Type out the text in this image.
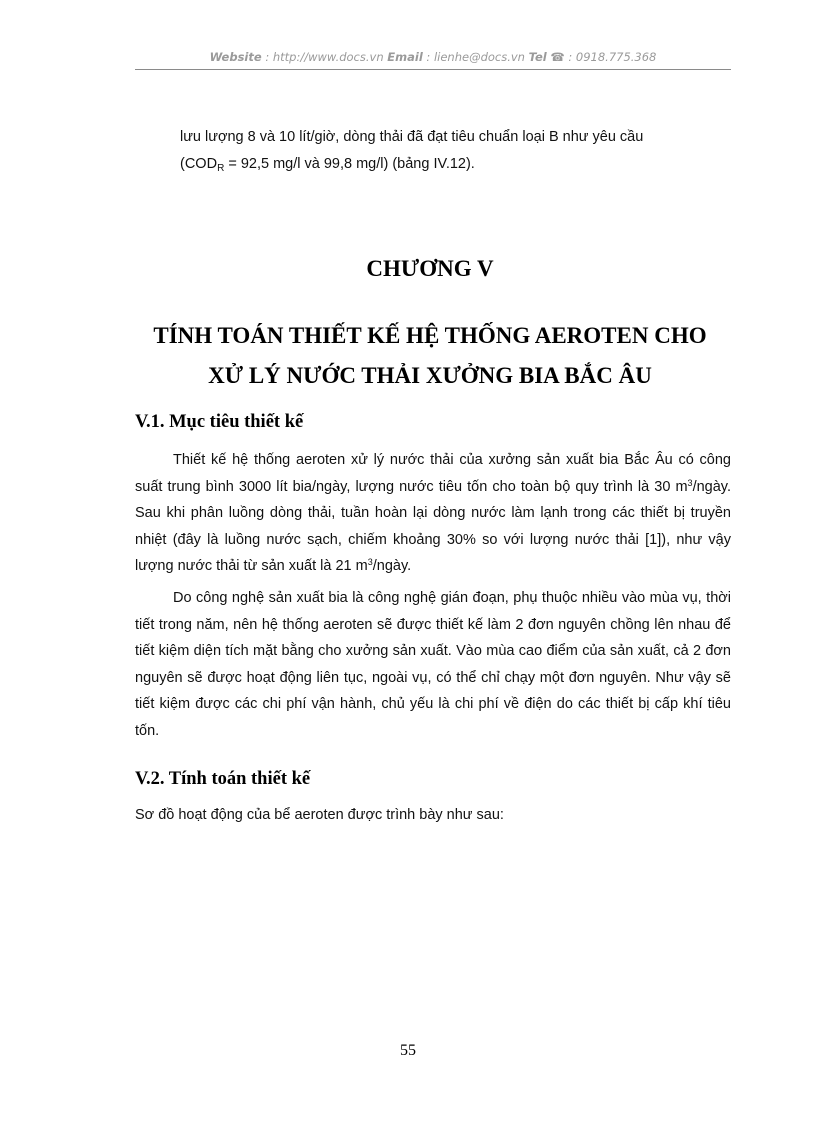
Website : http://www.docs.vn Email : lienhe@docs.vn Tel ☎ : 0918.775.368
lưu lượng 8 và 10 lít/giờ, dòng thải đã đạt tiêu chuẩn loại B như yêu cầu
($COD_R = 92,5$ mg/l và 99,8 mg/l) (bảng IV.12).
CHƯƠNG V
TÍNH TOÁN THIẾT KẾ HỆ THỐNG AEROTEN CHO
XỬ LÝ NƯỚC THẢI XƯỞNG BIA BẮC ÂU
V.1. Mục tiêu thiết kế
Thiết kế hệ thống aeroten xử lý nước thải của xưởng sản xuất bia Bắc Âu có công suất trung bình 3000 lít bia/ngày, lượng nước tiêu tốn cho toàn bộ quy trình là 30 $m^3$/ngày. Sau khi phân luồng dòng thải, tuần hoàn lại dòng nước làm lạnh trong các thiết bị truyền nhiệt (đây là luồng nước sạch, chiếm khoảng 30% so với lượng nước thải [1]), như vậy lượng nước thải từ sản xuất là 21 $m^3$/ngày.
Do công nghệ sản xuất bia là công nghệ gián đoạn, phụ thuộc nhiều vào mùa vụ, thời tiết trong năm, nên hệ thống aeroten sẽ được thiết kế làm 2 đơn nguyên chồng lên nhau để tiết kiệm diện tích mặt bằng cho xưởng sản xuất. Vào mùa cao điểm của sản xuất, cả 2 đơn nguyên sẽ được hoạt động liên tục, ngoài vụ, có thể chỉ chạy một đơn nguyên. Như vậy sẽ tiết kiệm được các chi phí vận hành, chủ yếu là chi phí về điện do các thiết bị cấp khí tiêu tốn.
V.2. Tính toán thiết kế
Sơ đồ hoạt động của bể aeroten được trình bày như sau:
55
